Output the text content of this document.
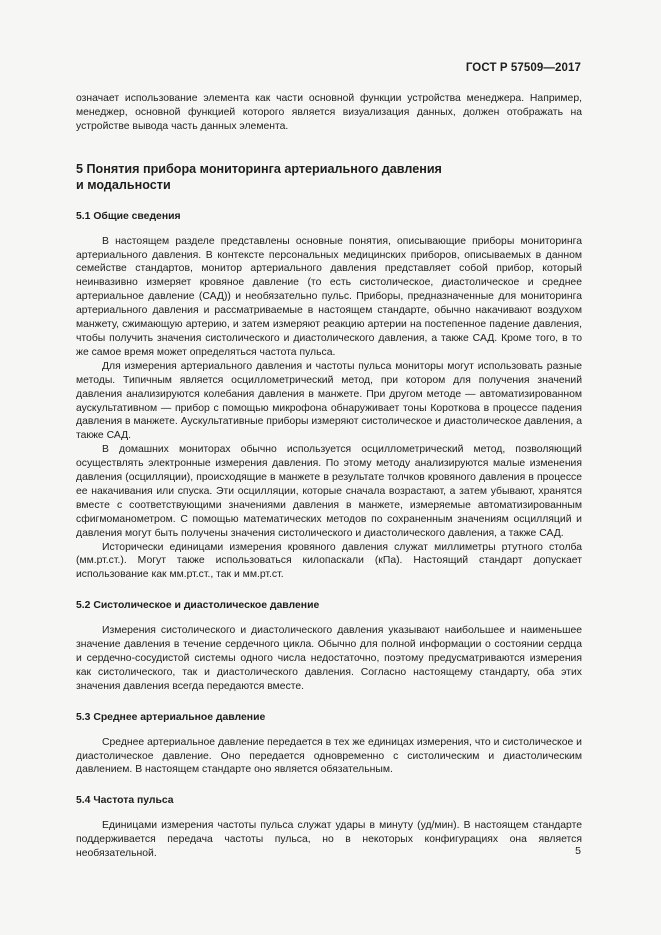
ГОСТ Р 57509—2017

означает использование элемента как части основной функции устройства менеджера. Например, менеджер, основной функцией которого является визуализация данных, должен отображать на устройстве вывода часть данных элемента.

5 Понятия прибора мониторинга артериального давления
и модальности
5.1 Общие сведения

В настоящем разделе представлены основные понятия, описывающие приборы мониторинга артериального давления. В контексте персональных медицинских приборов, описываемых в данном семействе стандартов, монитор артериального давления представляет собой прибор, который неинвазивно измеряет кровяное давление (то есть систолическое, диастолическое и среднее артериальное давление (САД)) и необязательно пульс. Приборы, предназначенные для мониторинга артериального давления и рассматриваемые в настоящем стандарте, обычно накачивают воздухом манжету, сжимающую артерию, и затем измеряют реакцию артерии на постепенное падение давления, чтобы получить значения систолического и диастолического давления, а также САД. Кроме того, в то же самое время может определяться частота пульса.

Для измерения артериального давления и частоты пульса мониторы могут использовать разные методы. Типичным является осциллометрический метод, при котором для получения значений давления анализируются колебания давления в манжете. При другом методе — автоматизированном аускультативном — прибор с помощью микрофона обнаруживает тоны Короткова в процессе падения давления в манжете. Аускультативные приборы измеряют систолическое и диастолическое давления, а также САД.

В домашних мониторах обычно используется осциллометрический метод, позволяющий осуществлять электронные измерения давления. По этому методу анализируются малые изменения давления (осцилляции), происходящие в манжете в результате толчков кровяного давления в процессе ее накачивания или спуска. Эти осцилляции, которые сначала возрастают, а затем убывают, хранятся вместе с соответствующими значениями давления в манжете, измеряемые автоматизированным сфигмоманометром. С помощью математических методов по сохраненным значениям осцилляций и давления могут быть получены значения систолического и диастолического давления, а также САД.

Исторически единицами измерения кровяного давления служат миллиметры ртутного столба (мм.рт.ст.). Могут также использоваться килопаскали (кПа). Настоящий стандарт допускает использование как мм.рт.ст., так и мм.рт.ст.

5.2 Систолическое и диастолическое давление

Измерения систолического и диастолического давления указывают наибольшее и наименьшее значение давления в течение сердечного цикла. Обычно для полной информации о состоянии сердца и сердечно-сосудистой системы одного числа недостаточно, поэтому предусматриваются измерения как систолического, так и диастолического давления. Согласно настоящему стандарту, оба этих значения давления всегда передаются вместе.

5.3 Среднее артериальное давление

Среднее артериальное давление передается в тех же единицах измерения, что и систолическое и диастолическое давление. Оно передается одновременно с систолическим и диастолическим давлением. В настоящем стандарте оно является обязательным.

5.4 Частота пульса

Единицами измерения частоты пульса служат удары в минуту (уд/мин). В настоящем стандарте поддерживается передача частоты пульса, но в некоторых конфигурациях она является необязательной.	5
